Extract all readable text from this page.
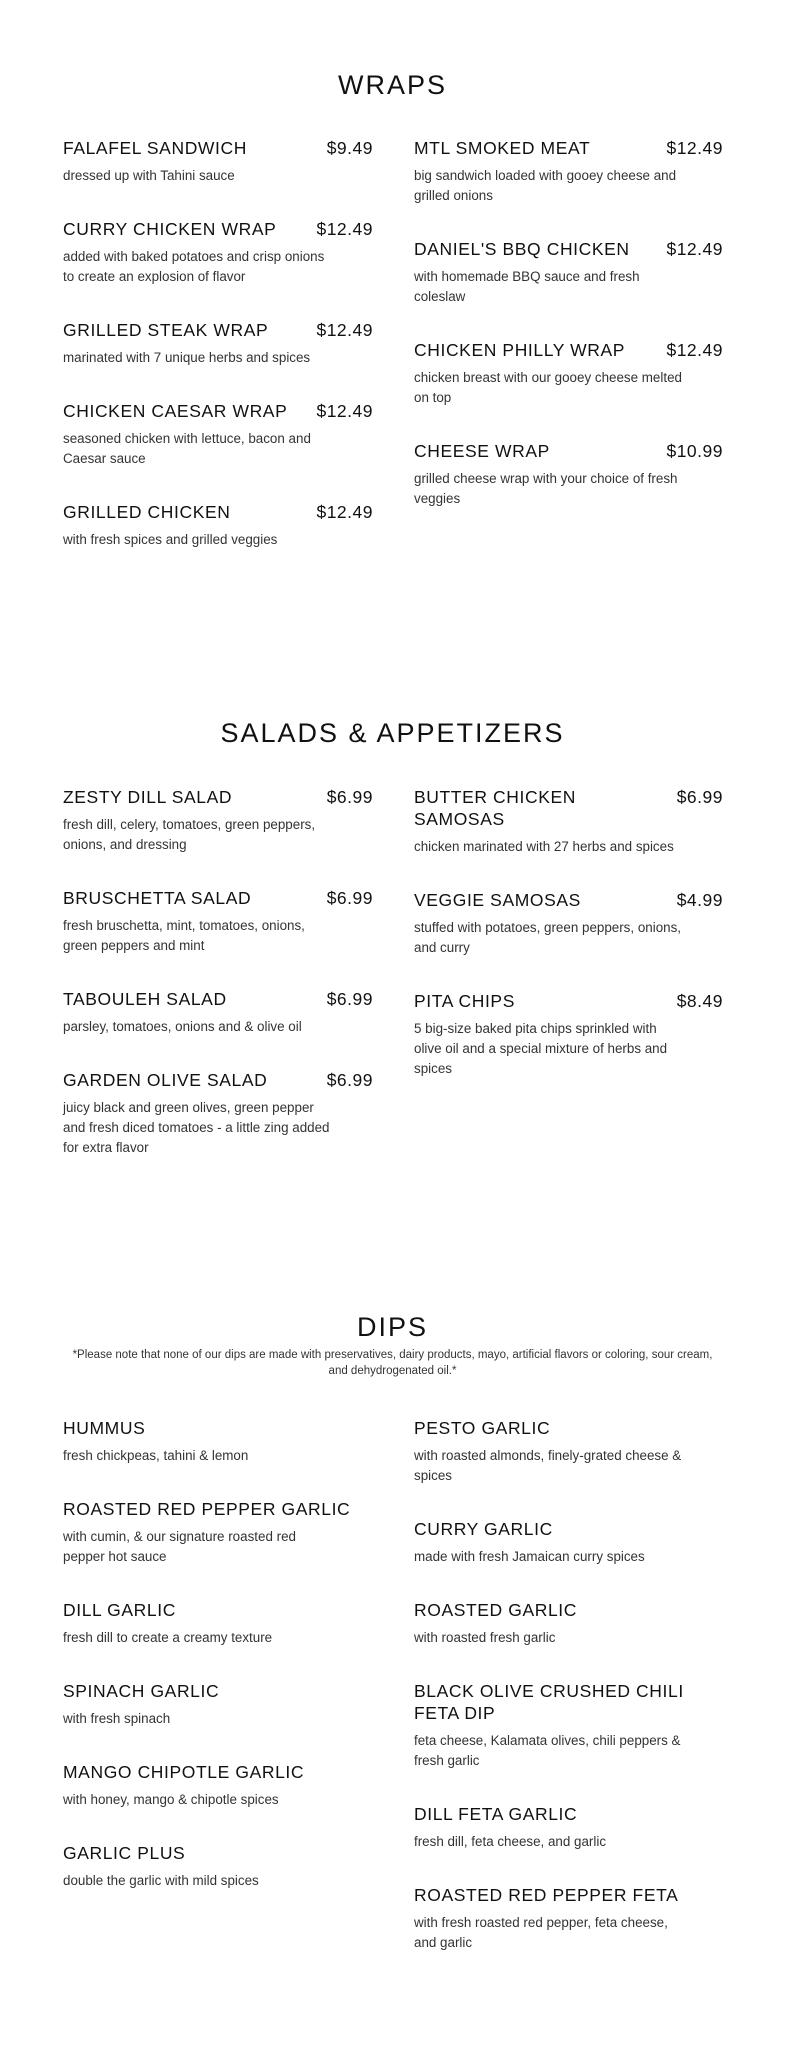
WRAPS
FALAFEL SANDWICH	$9.49
dressed up with Tahini sauce
CURRY CHICKEN WRAP $12.49
added with baked potatoes and crisp onions to create an explosion of flavor
GRILLED STEAK WRAP	$12.49
marinated with 7 unique herbs and spices
CHICKEN CAESAR WRAP $12.49
seasoned chicken with lettuce, bacon and Caesar sauce
GRILLED CHICKEN	$12.49
with fresh spices and grilled veggies
MTL SMOKED MEAT	$12.49
big sandwich loaded with gooey cheese and grilled onions
DANIEL'S BBQ CHICKEN $12.49
with homemade BBQ sauce and fresh coleslaw
CHICKEN PHILLY WRAP $12.49
chicken breast with our gooey cheese melted on top
CHEESE WRAP	$10.99
grilled cheese wrap with your choice of fresh veggies
SALADS & APPETIZERS
ZESTY DILL SALAD	$6.99
fresh dill, celery, tomatoes, green peppers, onions, and dressing
BRUSCHETTA SALAD	$6.99
fresh bruschetta, mint, tomatoes, onions, green peppers and mint
TABOULEH SALAD	$6.99
parsley, tomatoes, onions and & olive oil
GARDEN OLIVE SALAD	$6.99
juicy black and green olives, green pepper and fresh diced tomatoes - a little zing added for extra flavor
BUTTER CHICKEN SAMOSAS
$6.99
chicken marinated with 27 herbs and spices
VEGGIE SAMOSAS	$4.99
stuffed with potatoes, green peppers, onions, and curry
PITA CHIPS	$8.49
5 big-size baked pita chips sprinkled with olive oil and a special mixture of herbs and spices
DIPS

*Please note that none of our dips are made with preservatives, dairy products, mayo, artificial flavors or coloring, sour cream, and dehydrogenated oil.*

HUMMUS
fresh chickpeas, tahini & lemon
ROASTED RED PEPPER GARLIC
with cumin, & our signature roasted red pepper hot sauce
DILL GARLIC
fresh dill to create a creamy texture
SPINACH GARLIC
with fresh spinach
MANGO CHIPOTLE GARLIC
with honey, mango & chipotle spices
GARLIC PLUS
double the garlic with mild spices
PESTO GARLIC
with roasted almonds, finely-grated cheese & spices
CURRY GARLIC
made with fresh Jamaican curry spices
ROASTED GARLIC
with roasted fresh garlic
BLACK OLIVE CRUSHED CHILI FETA DIP
feta cheese, Kalamata olives, chili peppers & fresh garlic
DILL FETA GARLIC
fresh dill, feta cheese, and garlic
ROASTED RED PEPPER FETA
with fresh roasted red pepper, feta cheese, and garlic
